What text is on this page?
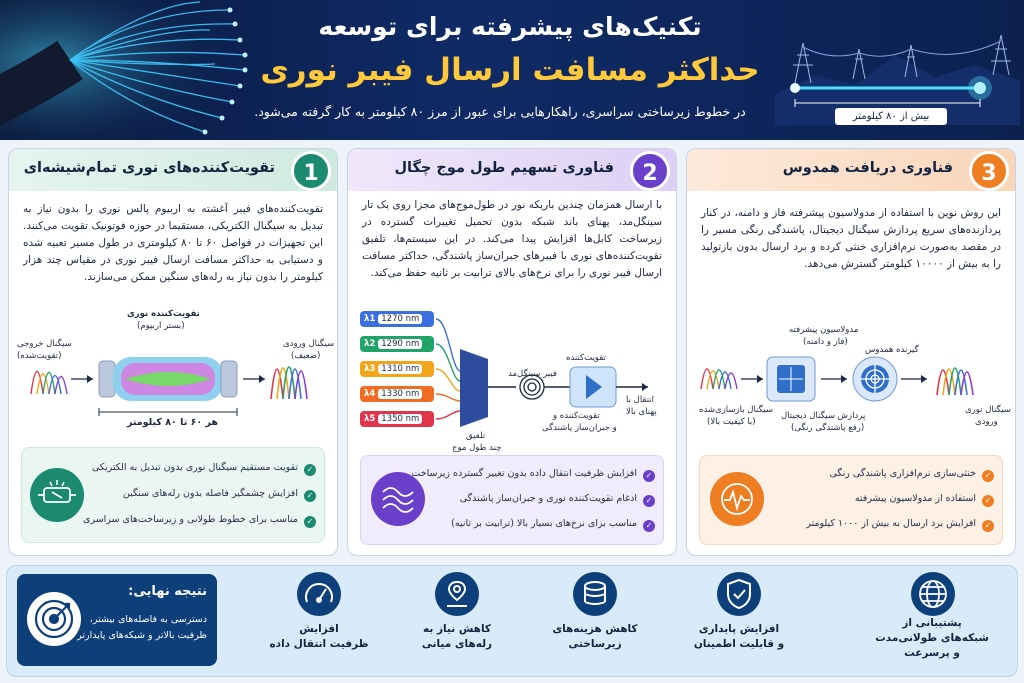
تکنیک‌های پیشرفته برای توسعه
حداکثر مسافت ارسال فیبر نوری
در خطوط زیرساختی سراسری، راهکارهایی برای عبور از مرز ۸۰ کیلومتر به کار گرفته می‌شود.	بیش از ۸۰ کیلومتر
1
تقویت‌کننده‌های نوری تمام‌شیشه‌ای
تقویت‌کننده‌های فیبر آغشته به اربیوم پالس نوری را بدون نیاز به تبدیل به سیگنال الکتریکی، مستقیما در حوزه فوتونیک تقویت می‌کنند. این تجهیزات در فواصل ۶۰ تا ۸۰ کیلومتری در طول مسیر تعبیه شده و دستیابی به حداکثر مسافت ارسال فیبر نوری در مقیاس چند هزار کیلومتر را بدون نیاز به رله‌های سنگین ممکن می‌سازند.
تقویت‌کننده نوری
(بستر اربیوم)
سیگنال ورودی
(ضعیف)
سیگنال خروجی
(تقویت‌شده)
هر ۶۰ تا ۸۰ کیلومتر
✓
تقویت مستقیم سیگنال نوری بدون تبدیل به الکتریکی
✓
افزایش چشمگیر فاصله بدون رله‌های سنگین
✓
مناسب برای خطوط طولانی و زیرساخت‌های سراسری
2
فناوری تسهیم طول موج چگال
با ارسال همزمان چندین باریکه نور در طول‌موج‌های مجزا روی یک تار سینگل‌مد، پهنای باند شبکه بدون تحمیل تغییرات گسترده در زیرساخت کابل‌ها افزایش پیدا می‌کند. در این سیستم‌ها، تلفیق تقویت‌کننده‌های نوری با فیبرهای جبران‌ساز پاشندگی، حداکثر مسافت ارسال فیبر نوری را برای نرخ‌های بالای ترابیت بر ثانیه حفظ می‌کند.
λ1 1270 nm
λ2 1290 nm
λ3 1310 nm
λ4 1330 nm
λ5 1350 nm
تلفیق
چند طول موج
فیبر سینگل‌مد
تقویت‌کننده
تقویت‌کننده و
و جبران‌ساز پاشندگی
انتقال با
پهنای بالا
✓
افزایش ظرفیت انتقال داده بدون تغییر گسترده زیرساخت
✓
ادغام تقویت‌کننده نوری و جبران‌ساز پاشندگی
✓
مناسب برای نرخ‌های بسیار بالا (ترابیت بر ثانیه)
3
فناوری دریافت همدوس
این روش نوین با استفاده از مدولاسیون پیشرفته فاز و دامنه، در کنار پردازنده‌های سریع پردازش سیگنال دیجیتال، پاشندگی رنگی مسیر را در مقصد به‌صورت نرم‌افزاری خنثی کرده و برد ارسال بدون بازتولید را به بیش از ۱۰۰۰۰ کیلومتر گسترش می‌دهد.
مدولاسیون پیشرفته
(فاز و دامنه)
گیرنده همدوس
سیگنال نوری
ورودی
پردازش سیگنال دیجیتال
(رفع پاشندگی رنگی)
سیگنال بازسازی‌شده
(با کیفیت بالا)
✓
خنثی‌سازی نرم‌افزاری پاشندگی رنگی
✓
استفاده از مدولاسیون پیشرفته
✓
افزایش برد ارسال به بیش از ۱۰۰۰ کیلومتر
نتیجه نهایی:
دسترسی به فاصله‌های بیشتر،
ظرفیت بالاتر و شبکه‌های پایدارتر
افزایش
ظرفیت انتقال داده
کاهش نیاز به
رله‌های میانی
کاهش هزینه‌های
زیرساختی
افزایش پایداری
و قابلیت اطمینان
پشتیبانی از
شبکه‌های طولانی‌مدت
و پرسرعت
